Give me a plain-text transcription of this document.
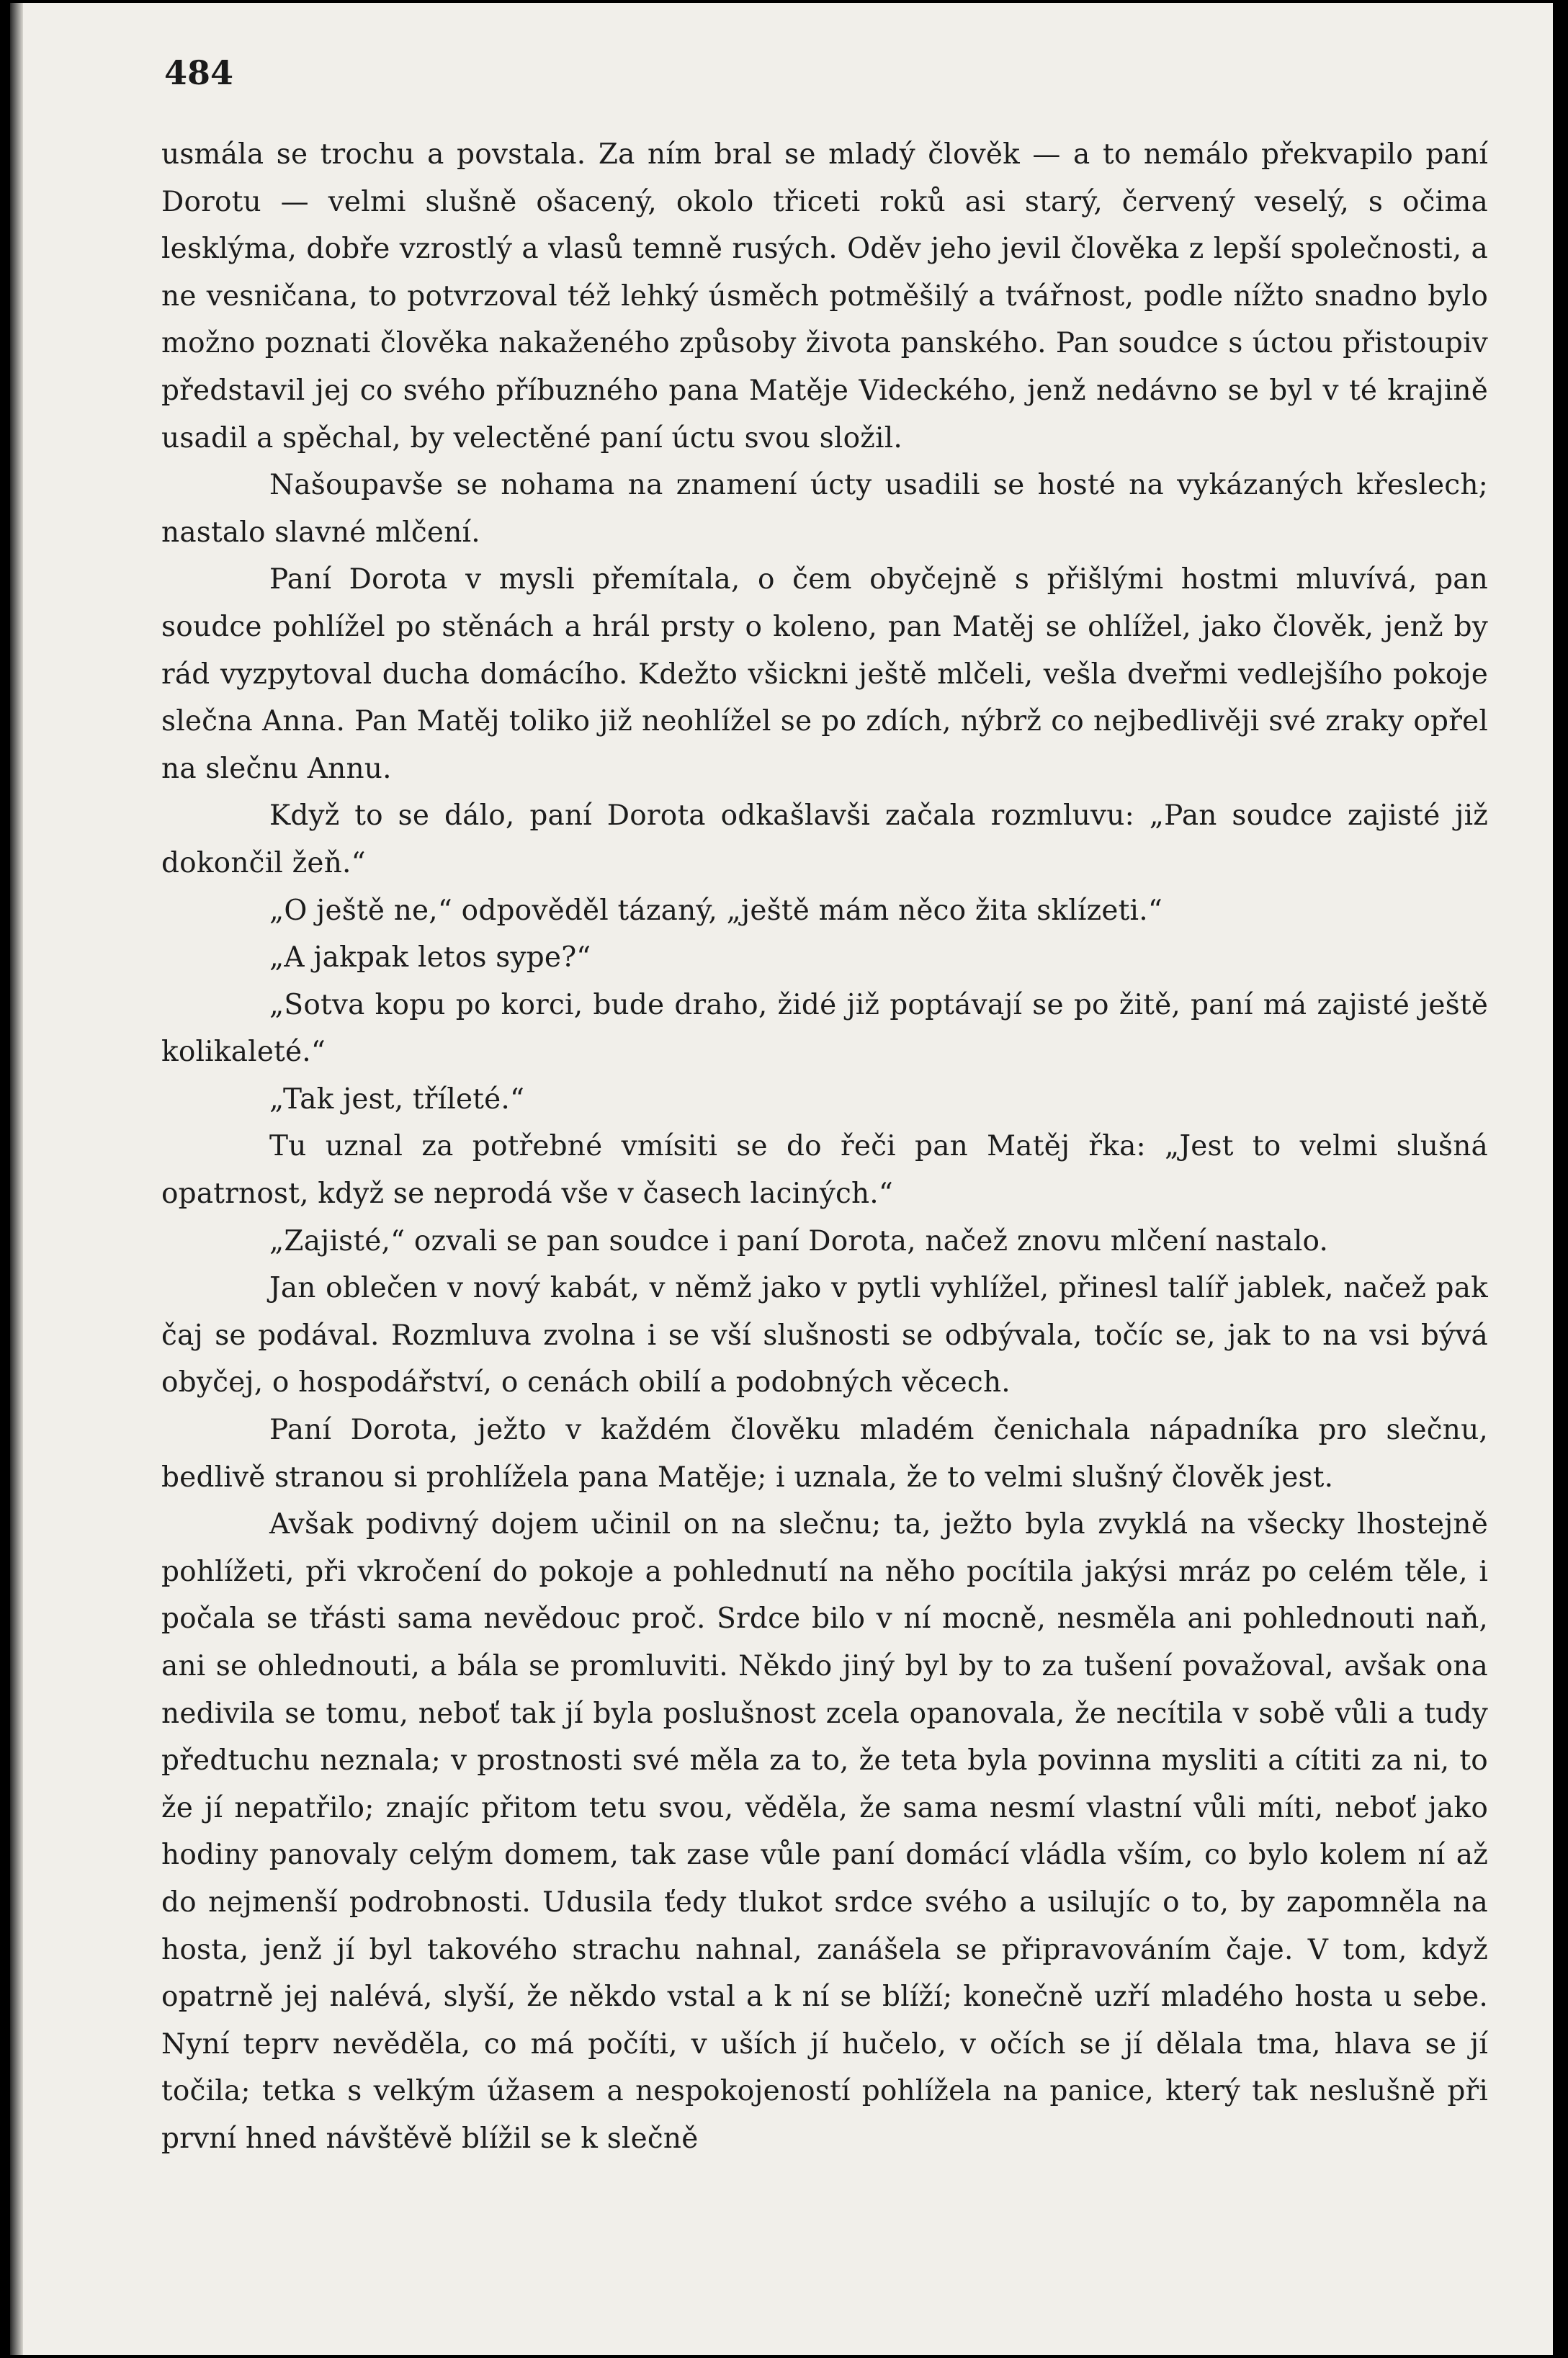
484

usmála se trochu a povstala. Za ním bral se mladý člověk — a to nemálo překvapilo paní Dorotu — velmi slušně ošacený, okolo třiceti roků asi starý, červený veselý, s očima lesklýma, dobře vzrostlý a vlasů temně rusých. Oděv jeho jevil člověka z lepší společnosti, a ne vesničana, to potvrzoval též lehký úsměch potměšilý a tvářnost, podle nížto snadno bylo možno poznati člověka nakaženého způsoby života panského. Pan soudce s úctou přistoupiv představil jej co svého příbuzného pana Matěje Videckého, jenž nedávno se byl v té krajině usadil a spěchal, by velectěné paní úctu svou složil.

Našoupavše se nohama na znamení úcty usadili se hosté na vykázaných křeslech; nastalo slavné mlčení.

Paní Dorota v mysli přemítala, o čem obyčejně s přišlými hostmi mluvívá, pan soudce pohlížel po stěnách a hrál prsty o koleno, pan Matěj se ohlížel, jako člověk, jenž by rád vyzpytoval ducha domácího. Kdežto všickni ještě mlčeli, vešla dveřmi vedlejšího pokoje slečna Anna. Pan Matěj toliko již neohlížel se po zdích, nýbrž co nejbedlivěji své zraky opřel na slečnu Annu.

Když to se dálo, paní Dorota odkašlavši začala rozmluvu: „Pan soudce zajisté již dokončil žeň.“

„O ještě ne,“ odpověděl tázaný, „ještě mám něco žita sklízeti.“

„A jakpak letos sype?“

„Sotva kopu po korci, bude draho, židé již poptávají se po žitě, paní má zajisté ještě kolikaleté.“

„Tak jest, tříleté.“

Tu uznal za potřebné vmísiti se do řeči pan Matěj řka: „Jest to velmi slušná opatrnost, když se neprodá vše v časech laciných.“

„Zajisté,“ ozvali se pan soudce i paní Dorota, načež znovu mlčení nastalo.

Jan oblečen v nový kabát, v němž jako v pytli vyhlížel, přinesl talíř jablek, načež pak čaj se podával. Rozmluva zvolna i se vší slušnosti se odbývala, točíc se, jak to na vsi bývá obyčej, o hospodářství, o cenách obilí a podobných věcech.

Paní Dorota, ježto v každém člověku mladém čenichala nápadníka pro slečnu, bedlivě stranou si prohlížela pana Matěje; i uznala, že to velmi slušný člověk jest.

Avšak podivný dojem učinil on na slečnu; ta, ježto byla zvyklá na všecky lhostejně pohlížeti, při vkročení do pokoje a pohlednutí na něho pocítila jakýsi mráz po celém těle, i počala se třásti sama nevědouc proč. Srdce bilo v ní mocně, nesměla ani pohlednouti naň, ani se ohlednouti, a bála se promluviti. Někdo jiný byl by to za tušení považoval, avšak ona nedivila se tomu, neboť tak jí byla poslušnost zcela opanovala, že necítila v sobě vůli a tudy předtuchu neznala; v prostnosti své měla za to, že teta byla povinna mysliti a cítiti za ni, to že jí nepatřilo; znajíc přitom tetu svou, věděla, že sama nesmí vlastní vůli míti, neboť jako hodiny panovaly celým domem, tak zase vůle paní domácí vládla vším, co bylo kolem ní až do nejmenší podrobnosti. Udusila ťedy tlukot srdce svého a usilujíc o to, by zapomněla na hosta, jenž jí byl takového strachu nahnal, zanášela se připravováním čaje. V tom, když opatrně jej nalévá, slyší, že někdo vstal a k ní se blíží; konečně uzří mladého hosta u sebe. Nyní teprv nevěděla, co má počíti, v uších jí hučelo, v očích se jí dělala tma, hlava se jí točila; tetka s velkým úžasem a nespokojeností pohlížela na panice, který tak neslušně při první hned návštěvě blížil se k slečně
